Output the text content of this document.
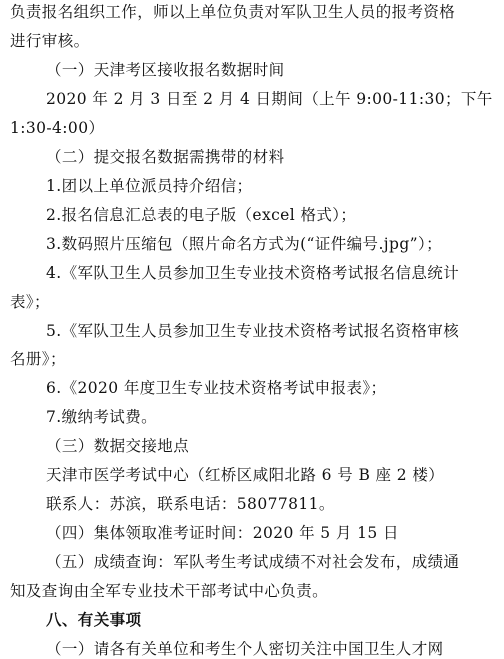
负责报名组织工作，师以上单位负责对军队卫生人员的报考资格
进行审核。
（一）天津考区接收报名数据时间
2020 年 2 月 3 日至 2 月 4 日期间（上午 9:00-11:30；下午
1:30-4:00）
（二）提交报名数据需携带的材料
1.团以上单位派员持介绍信；
2.报名信息汇总表的电子版（excel 格式）；
3.数码照片压缩包（照片命名方式为(“证件编号.jpg”）；
4.《军队卫生人员参加卫生专业技术资格考试报名信息统计
表》；
5.《军队卫生人员参加卫生专业技术资格考试报名资格审核
名册》；
6.《2020 年度卫生专业技术资格考试申报表》；
7.缴纳考试费。
（三）数据交接地点
天津市医学考试中心（红桥区咸阳北路 6 号 B 座 2 楼）
联系人：苏滨，联系电话：58077811。
（四）集体领取准考证时间：2020 年 5 月 15 日
（五）成绩查询：军队考生考试成绩不对社会发布，成绩通
知及查询由全军专业技术干部考试中心负责。
八、有关事项
（一）请各有关单位和考生个人密切关注中国卫生人才网
